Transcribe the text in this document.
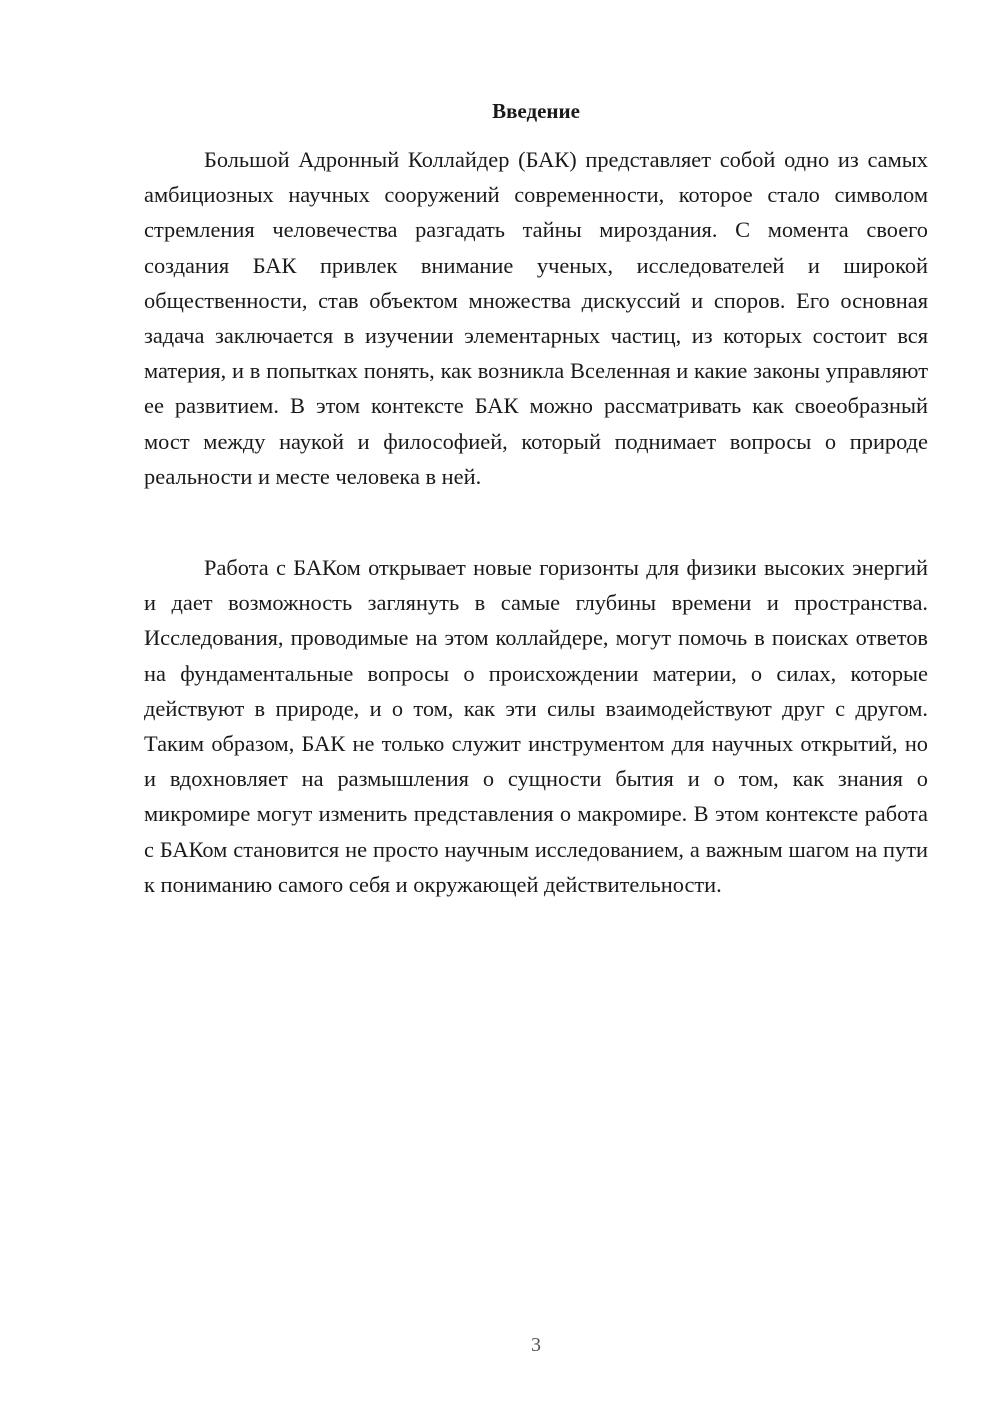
Введение

Большой Адронный Коллайдер (БАК) представляет собой одно из самых амбициозных научных сооружений современности, которое стало символом стремления человечества разгадать тайны мироздания. С момента своего создания БАК привлек внимание ученых, исследователей и широкой общественности, став объектом множества дискуссий и споров. Его основная задача заключается в изучении элементарных частиц, из которых состоит вся материя, и в попытках понять, как возникла Вселенная и какие законы управляют ее развитием. В этом контексте БАК можно рассматривать как своеобразный мост между наукой и философией, который поднимает вопросы о природе реальности и месте человека в ней.

Работа с БАКом открывает новые горизонты для физики высоких энергий и дает возможность заглянуть в самые глубины времени и пространства. Исследования, проводимые на этом коллайдере, могут помочь в поисках ответов на фундаментальные вопросы о происхождении материи, о силах, которые действуют в природе, и о том, как эти силы взаимодействуют друг с другом. Таким образом, БАК не только служит инструментом для научных открытий, но и вдохновляет на размышления о сущности бытия и о том, как знания о микромире могут изменить представления о макромире. В этом контексте работа с БАКом становится не просто научным исследованием, а важным шагом на пути к пониманию самого себя и окружающей действительности.

3
